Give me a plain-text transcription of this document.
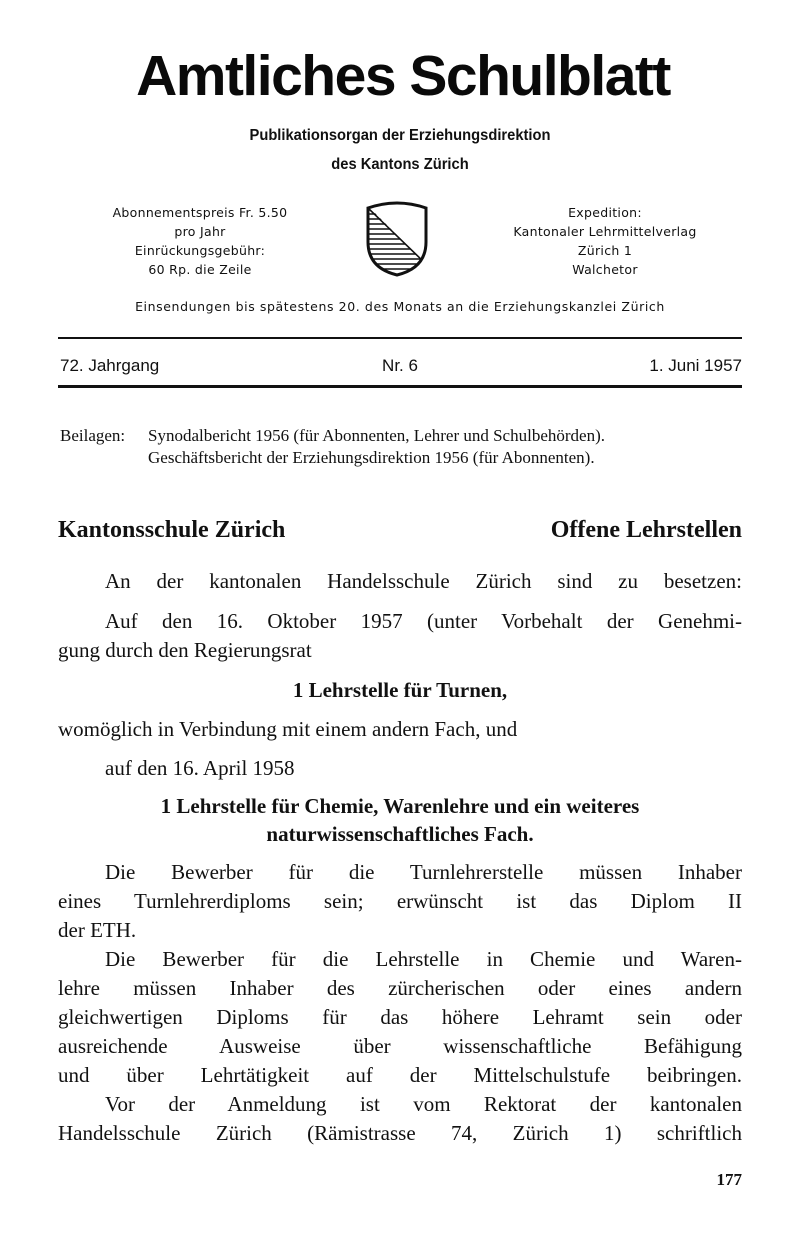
Amtliches Schulblatt
Publikationsorgan der Erziehungsdirektion
des Kantons Zürich
Abonnementspreis Fr. 5.50
pro Jahr
Einrückungsgebühr:
60 Rp. die Zeile
Expedition:
Kantonaler Lehrmittelverlag
Zürich 1
Walchetor
Einsendungen bis spätestens 20. des Monats an die Erziehungskanzlei Zürich
72. Jahrgang	Nr. 6	1. Juni 1957
Beilagen:	Synodalbericht 1956 (für Abonnenten, Lehrer und Schulbehörden).
Geschäftsbericht der Erziehungsdirektion 1956 (für Abonnenten).
Kantonsschule Zürich	Offene Lehrstellen
An der kantonalen Handelsschule Zürich sind zu besetzen:
Auf den 16. Oktober 1957 (unter Vorbehalt der Genehmi-
gung durch den Regierungsrat
1 Lehrstelle für Turnen,
womöglich in Verbindung mit einem andern Fach, und
auf den 16. April 1958
1 Lehrstelle für Chemie, Warenlehre und ein weiteres
naturwissenschaftliches Fach.
Die Bewerber für die Turnlehrerstelle müssen Inhaber
eines Turnlehrerdiploms sein; erwünscht ist das Diplom II
der ETH.
Die Bewerber für die Lehrstelle in Chemie und Waren-
lehre müssen Inhaber des zürcherischen oder eines andern
gleichwertigen Diploms für das höhere Lehramt sein oder
ausreichende Ausweise über wissenschaftliche Befähigung
und über Lehrtätigkeit auf der Mittelschulstufe beibringen.
Vor der Anmeldung ist vom Rektorat der kantonalen
Handelsschule Zürich (Rämistrasse 74, Zürich 1) schriftlich
177
